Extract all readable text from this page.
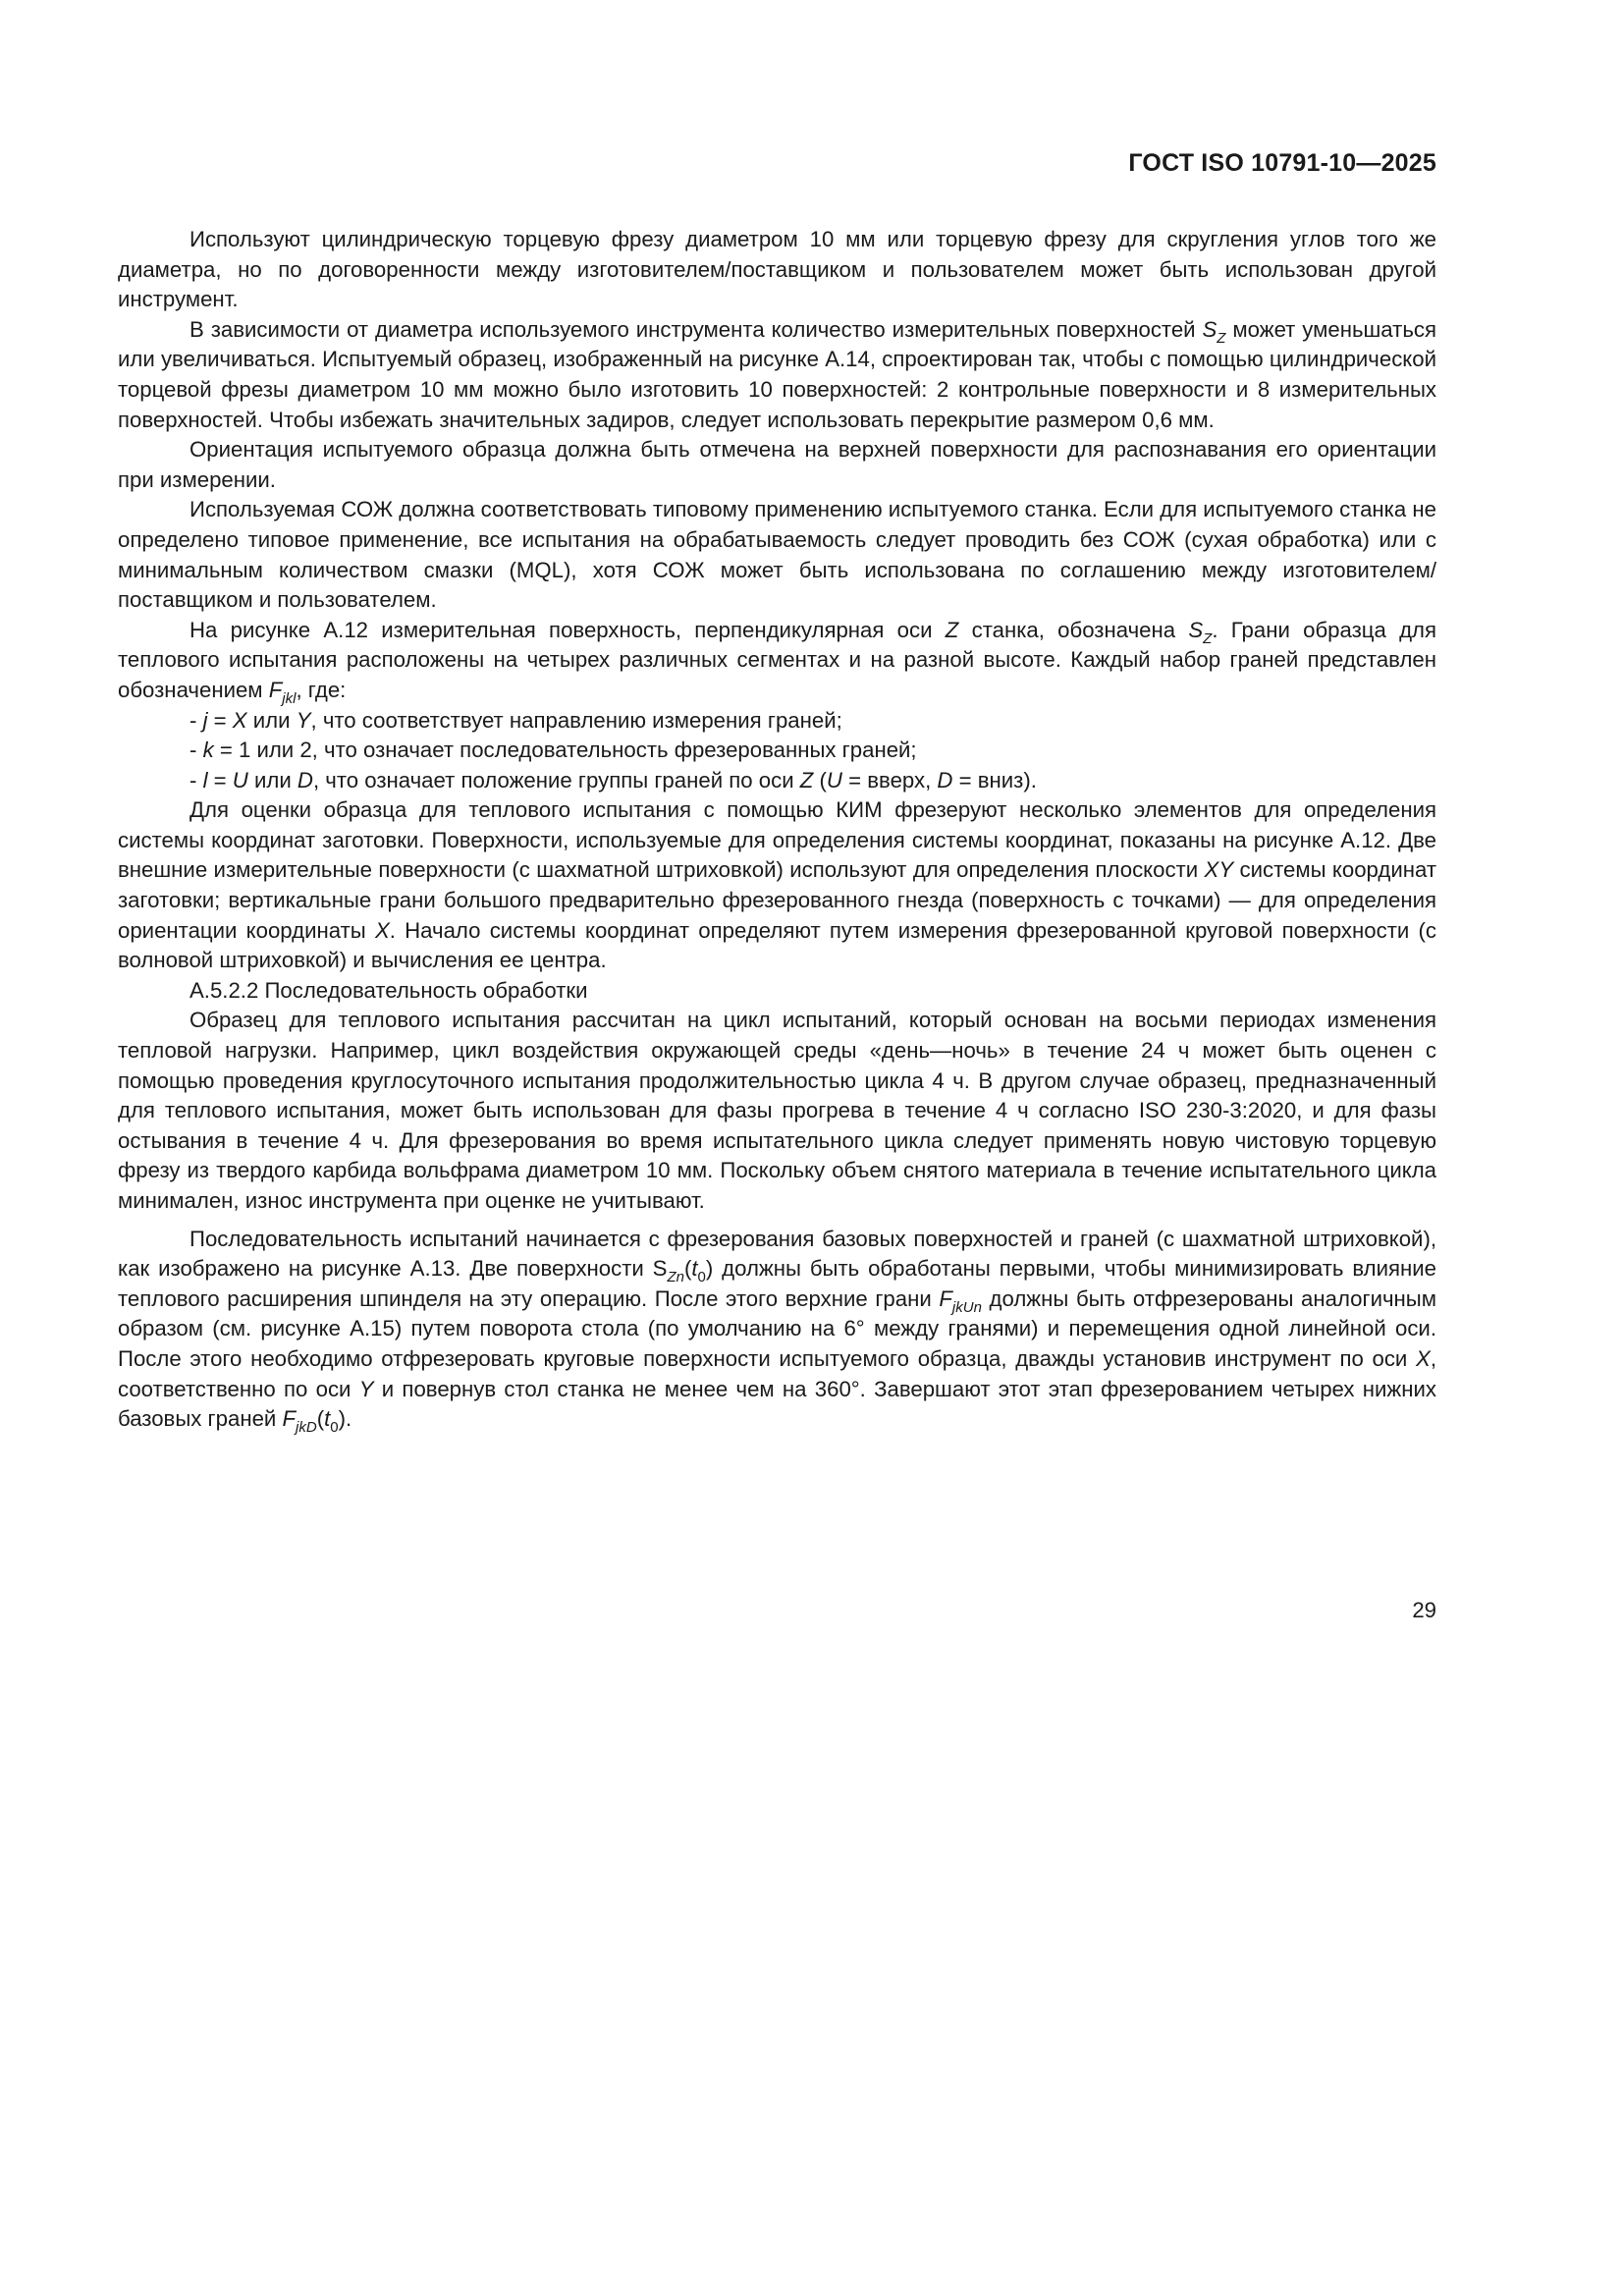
ГОСТ ISO 10791-10—2025

Используют цилиндрическую торцевую фрезу диаметром 10 мм или торцевую фрезу для скругления углов того же диаметра, но по договоренности между изготовителем/поставщиком и пользователем может быть использован другой инструмент.

В зависимости от диаметра используемого инструмента количество измерительных поверхностей $S_Z$ может уменьшаться или увеличиваться. Испытуемый образец, изображенный на рисунке А.14, спроектирован так, чтобы с помощью цилиндрической торцевой фрезы диаметром 10 мм можно было изготовить 10 поверхностей: 2 контрольные поверхности и 8 измерительных поверхностей. Чтобы избежать значительных задиров, следует использовать перекрытие размером 0,6 мм.

Ориентация испытуемого образца должна быть отмечена на верхней поверхности для распознавания его ориентации при измерении.

Используемая СОЖ должна соответствовать типовому применению испытуемого станка. Если для испытуемого станка не определено типовое применение, все испытания на обрабатываемость следует проводить без СОЖ (сухая обработка) или с минимальным количеством смазки (MQL), хотя СОЖ может быть использована по соглашению между изготовителем/поставщиком и пользователем.

На рисунке А.12 измерительная поверхность, перпендикулярная оси Z станка, обозначена $S_Z$. Грани образца для теплового испытания расположены на четырех различных сегментах и на разной высоте. Каждый набор граней представлен обозначением $F_{jkl}$, где:

- j = X или Y, что соответствует направлению измерения граней;

- k = 1 или 2, что означает последовательность фрезерованных граней;

- l = U или D, что означает положение группы граней по оси Z (U = вверх, D = вниз).

Для оценки образца для теплового испытания с помощью КИМ фрезеруют несколько элементов для определения системы координат заготовки. Поверхности, используемые для определения системы координат, показаны на рисунке А.12. Две внешние измерительные поверхности (с шахматной штриховкой) используют для определения плоскости XY системы координат заготовки; вертикальные грани большого предварительно фрезерованного гнезда (поверхность с точками) — для определения ориентации координаты X. Начало системы координат определяют путем измерения фрезерованной круговой поверхности (с волновой штриховкой) и вычисления ее центра.

А.5.2.2 Последовательность обработки

Образец для теплового испытания рассчитан на цикл испытаний, который основан на восьми периодах изменения тепловой нагрузки. Например, цикл воздействия окружающей среды «день—ночь» в течение 24 ч может быть оценен с помощью проведения круглосуточного испытания продолжительностью цикла 4 ч. В другом случае образец, предназначенный для теплового испытания, может быть использован для фазы прогрева в течение 4 ч согласно ISO 230-3:2020, и для фазы остывания в течение 4 ч. Для фрезерования во время испытательного цикла следует применять новую чистовую торцевую фрезу из твердого карбида вольфрама диаметром 10 мм. Поскольку объем снятого материала в течение испытательного цикла минимален, износ инструмента при оценке не учитывают.

Последовательность испытаний начинается с фрезерования базовых поверхностей и граней (с шахматной штриховкой), как изображено на рисунке А.13. Две поверхности $S_{Zn}(t_0)$ должны быть обработаны первыми, чтобы минимизировать влияние теплового расширения шпинделя на эту операцию. После этого верхние грани $F_{jkUn}$ должны быть отфрезерованы аналогичным образом (см. рисунке А.15) путем поворота стола (по умолчанию на 6° между гранями) и перемещения одной линейной оси. После этого необходимо отфрезеровать круговые поверхности испытуемого образца, дважды установив инструмент по оси X, соответственно по оси Y и повернув стол станка не менее чем на 360°. Завершают этот этап фрезерованием четырех нижних базовых граней $F_{jkD}(t_0)$.

29
